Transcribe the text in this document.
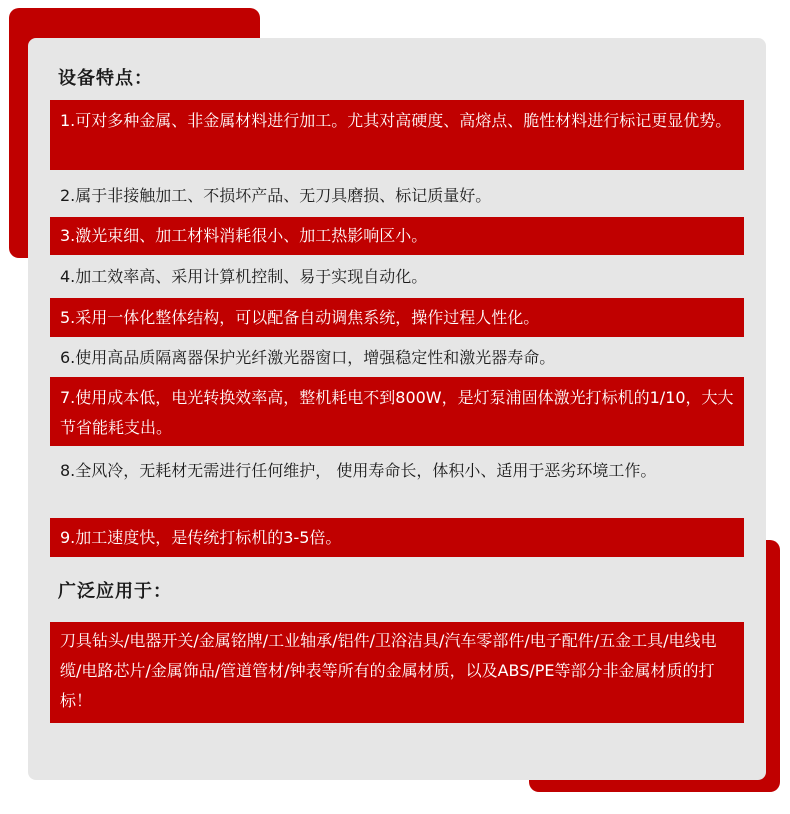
设备特点：
1.可对多种金属、非金属材料进行加工。尤其对高硬度、高熔点、脆性材料进行标记更显优势。
2.属于非接触加工、不损坏产品、无刀具磨损、标记质量好。
3.激光束细、加工材料消耗很小、加工热影响区小。
4.加工效率高、采用计算机控制、易于实现自动化。
5.采用一体化整体结构，可以配备自动调焦系统，操作过程人性化。
6.使用高品质隔离器保护光纤激光器窗口，增强稳定性和激光器寿命。
7.使用成本低，电光转换效率高，整机耗电不到800W，是灯泵浦固体激光打标机的1/10，大大节省能耗支出。
8.全风冷，无耗材无需进行任何维护， 使用寿命长，体积小、适用于恶劣环境工作。
9.加工速度快，是传统打标机的3-5倍。
广泛应用于：
刀具钻头/电器开关/金属铭牌/工业轴承/铝件/卫浴洁具/汽车零部件/电子配件/五金工具/电线电缆/电路芯片/金属饰品/管道管材/钟表等所有的金属材质，以及ABS/PE等部分非金属材质的打标！
